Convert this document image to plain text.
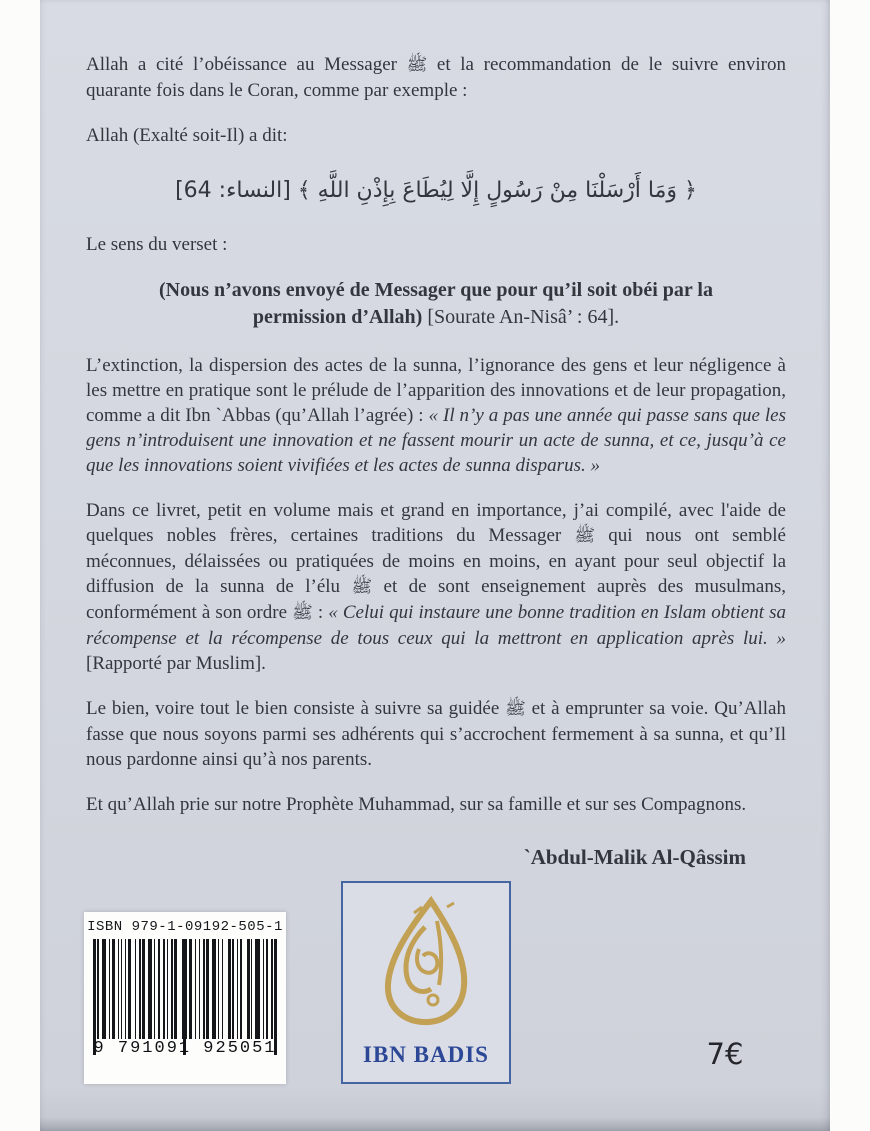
Allah a cité l’obéissance au Messager ﷺ et la recommandation de le suivre environ quarante fois dans le Coran, comme par exemple :

Allah (Exalté soit-Il) a dit:

﴿ وَمَا أَرْسَلْنَا مِنْ رَسُولٍ إِلَّا لِيُطَاعَ بِإِذْنِ اللَّهِ ﴾ [النساء: 64]

Le sens du verset :

(Nous n’avons envoyé de Messager que pour qu’il soit obéi par la permission d’Allah) [Sourate An-Nisâ’ : 64].

L’extinction, la dispersion des actes de la sunna, l’ignorance des gens et leur négligence à les mettre en pratique sont le prélude de l’apparition des innovations et de leur propagation, comme a dit Ibn `Abbas (qu’Allah l’agrée) : « Il n’y a pas une année qui passe sans que les gens n’introduisent une innovation et ne fassent mourir un acte de sunna, et ce, jusqu’à ce que les innovations soient vivifiées et les actes de sunna disparus. »

Dans ce livret, petit en volume mais et grand en importance, j’ai compilé, avec l'aide de quelques nobles frères, certaines traditions du Messager ﷺ qui nous ont semblé méconnues, délaissées ou pratiquées de moins en moins, en ayant pour seul objectif la diffusion de la sunna de l’élu ﷺ et de sont enseignement auprès des musulmans, conformément à son ordre ﷺ : « Celui qui instaure une bonne tradition en Islam obtient sa récompense et la récompense de tous ceux qui la mettront en application après lui. » [Rapporté par Muslim].

Le bien, voire tout le bien consiste à suivre sa guidée ﷺ et à emprunter sa voie. Qu’Allah fasse que nous soyons parmi ses adhérents qui s’accrochent fermement à sa sunna, et qu’Il nous pardonne ainsi qu’à nos parents.

Et qu’Allah prie sur notre Prophète Muhammad, sur sa famille et sur ses Compagnons.

`Abdul-Malik Al-Qâssim
ISBN 979-1-09192-505-1
9 791091 925051	IBN BADIS	7€
